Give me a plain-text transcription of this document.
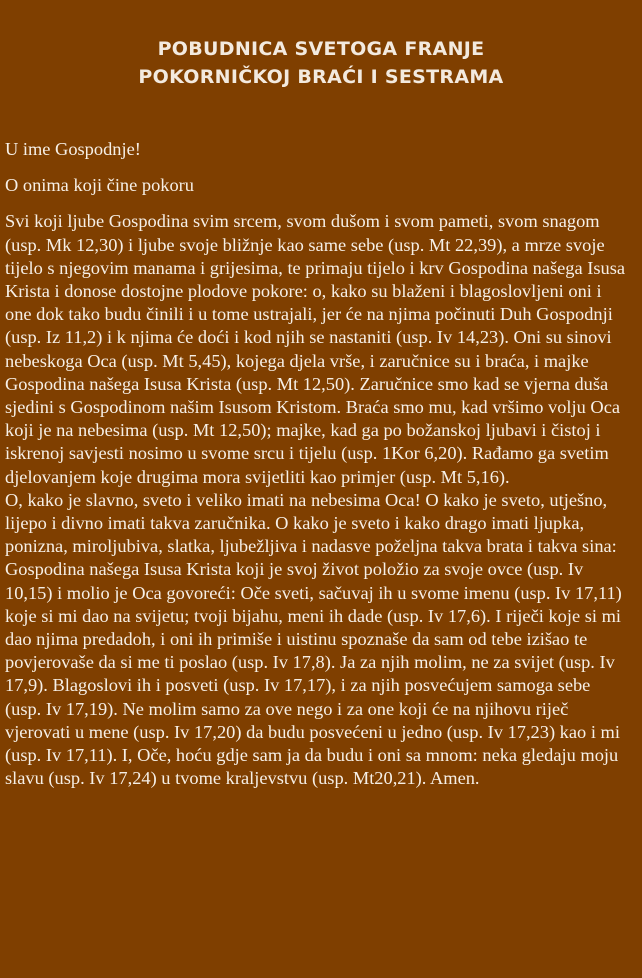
POBUDNICA SVETOGA FRANJE
POKORNIČKOJ BRAĆI I SESTRAMA

U ime Gospodnje!

O onima koji čine pokoru

Svi koji ljube Gospodina svim srcem, svom dušom i svom pameti, svom snagom (usp. Mk 12,30) i ljube svoje bližnje kao same sebe (usp. Mt 22,39), a mrze svoje tijelo s njegovim manama i grijesima, te primaju tijelo i krv Gospodina našega Isusa Krista i donose dostojne plodove pokore: o, kako su blaženi i blagoslovljeni oni i one dok tako budu činili i u tome ustrajali, jer će na njima počinuti Duh Gospodnji (usp. Iz 11,2) i k njima će doći i kod njih se nastaniti (usp. Iv 14,23). Oni su sinovi nebeskoga Oca (usp. Mt 5,45), kojega djela vrše, i zaručnice su i braća, i majke Gospodina našega Isusa Krista (usp. Mt 12,50). Zaručnice smo kad se vjerna duša sjedini s Gospodinom našim Isusom Kristom. Braća smo mu, kad vršimo volju Oca koji je na nebesima (usp. Mt 12,50); majke, kad ga po božanskoj ljubavi i čistoj i iskrenoj savjesti nosimo u svome srcu i tijelu (usp. 1Kor 6,20). Rađamo ga svetim djelovanjem koje drugima mora svijetliti kao primjer (usp. Mt 5,16).

O, kako je slavno, sveto i veliko imati na nebesima Oca! O kako je sveto, utješno, lijepo i divno imati takva zaručnika. O kako je sveto i kako drago imati ljupka, ponizna, miroljubiva, slatka, ljubežljiva i nadasve poželjna takva brata i takva sina: Gospodina našega Isusa Krista koji je svoj život položio za svoje ovce (usp. Iv 10,15) i molio je Oca govoreći: Oče sveti, sačuvaj ih u svome imenu (usp. Iv 17,11) koje si mi dao na svijetu; tvoji bijahu, meni ih dade (usp. Iv 17,6). I riječi koje si mi dao njima predadoh, i oni ih primiše i uistinu spoznaše da sam od tebe izišao te povjerovaše da si me ti poslao (usp. Iv 17,8). Ja za njih molim, ne za svijet (usp. Iv 17,9). Blagoslovi ih i posveti (usp. Iv 17,17), i za njih posvećujem samoga sebe (usp. Iv 17,19). Ne molim samo za ove nego i za one koji će na njihovu riječ vjerovati u mene (usp. Iv 17,20) da budu posvećeni u jedno (usp. Iv 17,23) kao i mi (usp. Iv 17,11). I, Oče, hoću gdje sam ja da budu i oni sa mnom: neka gledaju moju slavu (usp. Iv 17,24) u tvome kraljevstvu (usp. Mt20,21). Amen.
